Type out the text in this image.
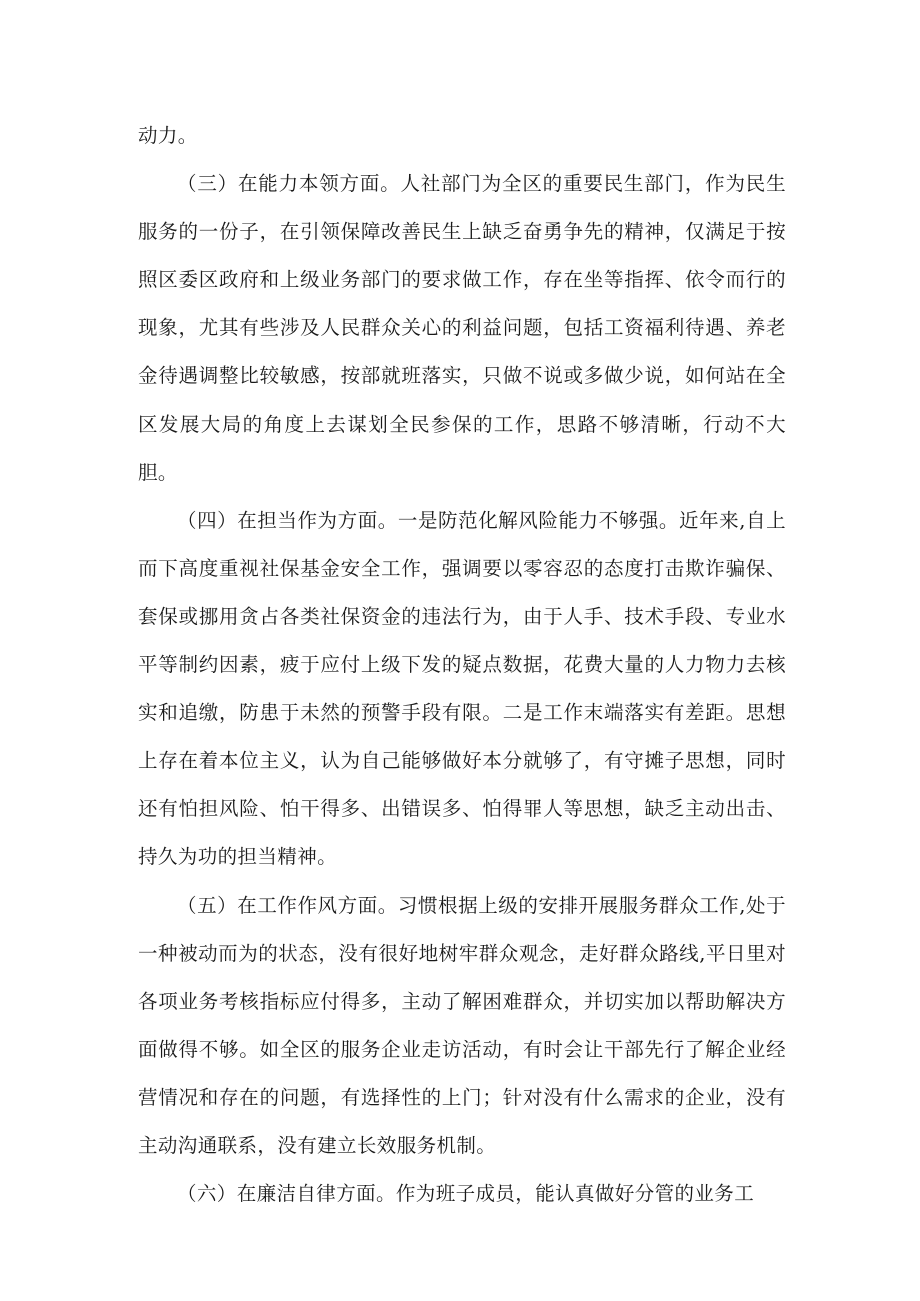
动力。

（三）在能力本领方面。人社部门为全区的重要民生部门，作为民生服务的一份子，在引领保障改善民生上缺乏奋勇争先的精神，仅满足于按照区委区政府和上级业务部门的要求做工作，存在坐等指挥、依令而行的现象，尤其有些涉及人民群众关心的利益问题，包括工资福利待遇、养老金待遇调整比较敏感，按部就班落实，只做不说或多做少说，如何站在全区发展大局的角度上去谋划全民参保的工作，思路不够清晰，行动不大胆。

（四）在担当作为方面。一是防范化解风险能力不够强。近年来,自上而下高度重视社保基金安全工作，强调要以零容忍的态度打击欺诈骗保、套保或挪用贪占各类社保资金的违法行为，由于人手、技术手段、专业水平等制约因素，疲于应付上级下发的疑点数据，花费大量的人力物力去核实和追缴，防患于未然的预警手段有限。二是工作末端落实有差距。思想上存在着本位主义，认为自己能够做好本分就够了，有守摊子思想，同时还有怕担风险、怕干得多、出错误多、怕得罪人等思想，缺乏主动出击、持久为功的担当精神。

（五）在工作作风方面。习惯根据上级的安排开展服务群众工作,处于一种被动而为的状态，没有很好地树牢群众观念，走好群众路线,平日里对各项业务考核指标应付得多，主动了解困难群众，并切实加以帮助解决方面做得不够。如全区的服务企业走访活动，有时会让干部先行了解企业经营情况和存在的问题，有选择性的上门；针对没有什么需求的企业，没有主动沟通联系，没有建立长效服务机制。

（六）在廉洁自律方面。作为班子成员，能认真做好分管的业务工
